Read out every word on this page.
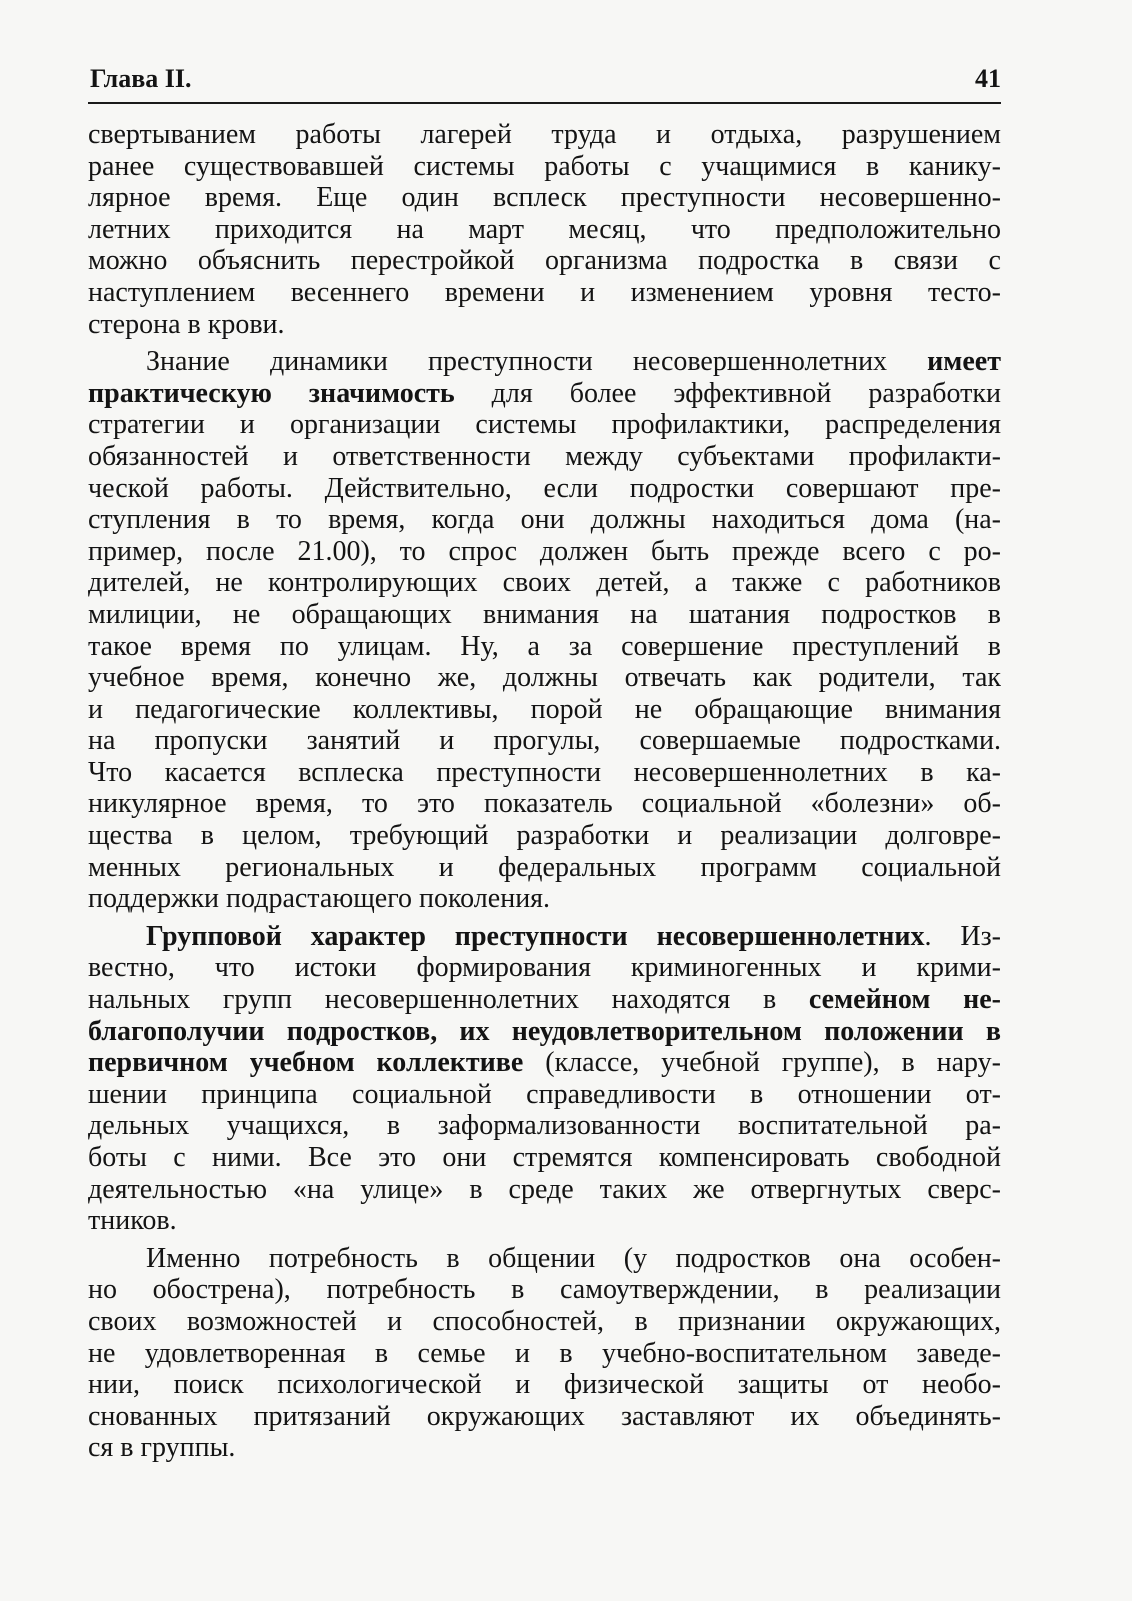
Глава II.	41
свертыванием работы лагерей труда и отдыха, разрушением
ранее существовавшей системы работы с учащимися в канику-
лярное время. Еще один всплеск преступности несовершенно-
летних приходится на март месяц, что предположительно
можно объяснить перестройкой организма подростка в связи с
наступлением весеннего времени и изменением уровня тесто-
стерона в крови.
Знание динамики преступности несовершеннолетних имеет
практическую значимость для более эффективной разработки
стратегии и организации системы профилактики, распределения
обязанностей и ответственности между субъектами профилакти-
ческой работы. Действительно, если подростки совершают пре-
ступления в то время, когда они должны находиться дома (на-
пример, после 21.00), то спрос должен быть прежде всего с ро-
дителей, не контролирующих своих детей, а также с работников
милиции, не обращающих внимания на шатания подростков в
такое время по улицам. Ну, а за совершение преступлений в
учебное время, конечно же, должны отвечать как родители, так
и педагогические коллективы, порой не обращающие внимания
на пропуски занятий и прогулы, совершаемые подростками.
Что касается всплеска преступности несовершеннолетних в ка-
никулярное время, то это показатель социальной «болезни» об-
щества в целом, требующий разработки и реализации долговре-
менных региональных и федеральных программ социальной
поддержки подрастающего поколения.
Групповой характер преступности несовершеннолетних. Из-
вестно, что истоки формирования криминогенных и крими-
нальных групп несовершеннолетних находятся в семейном не-
благополучии подростков, их неудовлетворительном положении в
первичном учебном коллективе (классе, учебной группе), в нару-
шении принципа социальной справедливости в отношении от-
дельных учащихся, в заформализованности воспитательной ра-
боты с ними. Все это они стремятся компенсировать свободной
деятельностью «на улице» в среде таких же отвергнутых сверс-
тников.
Именно потребность в общении (у подростков она особен-
но обострена), потребность в самоутверждении, в реализации
своих возможностей и способностей, в признании окружающих,
не удовлетворенная в семье и в учебно-воспитательном заведе-
нии, поиск психологической и физической защиты от необо-
снованных притязаний окружающих заставляют их объединять-
ся в группы.
